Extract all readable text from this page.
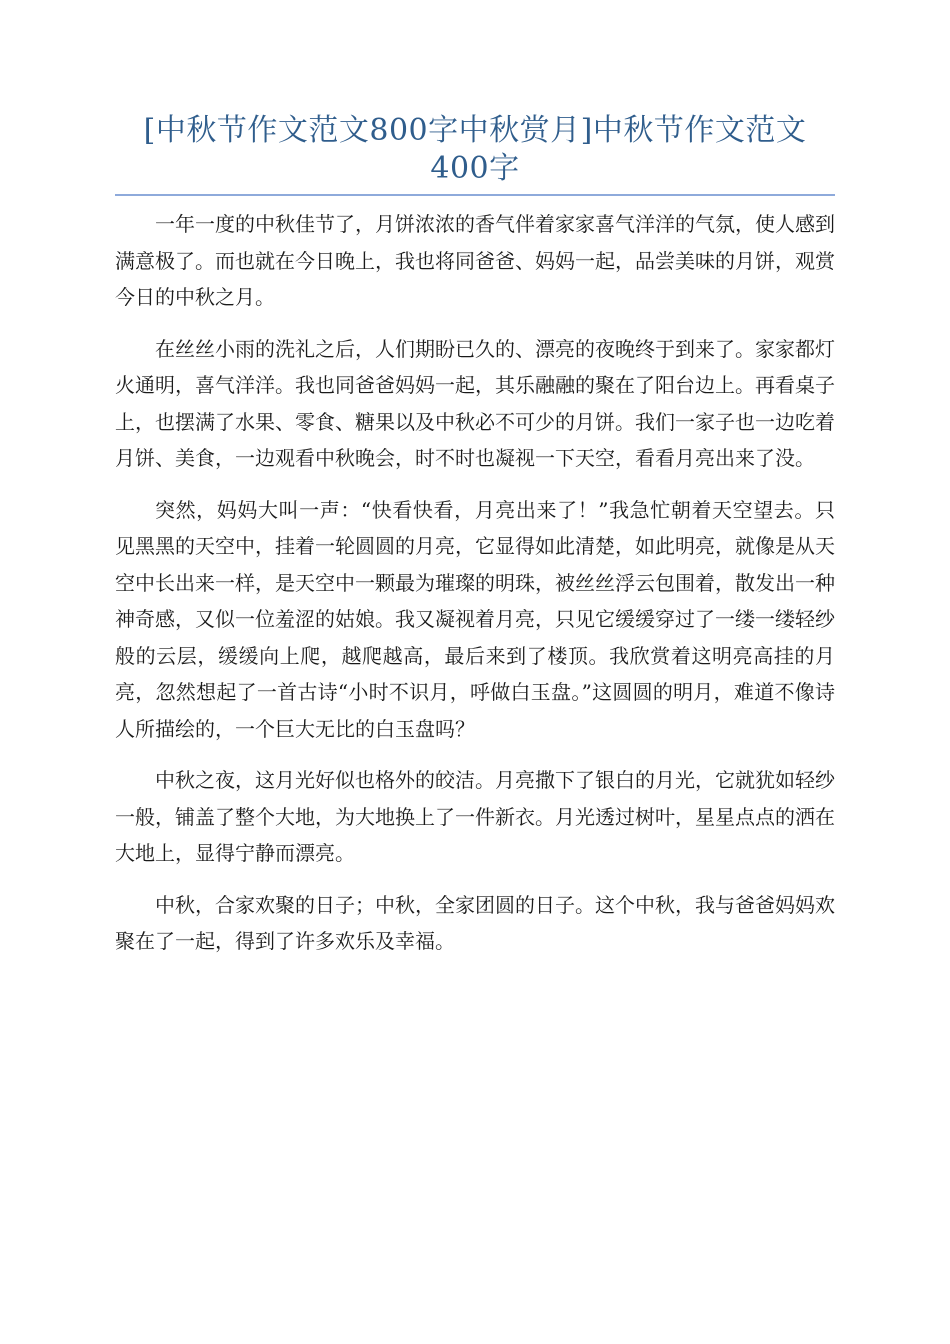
[中秋节作文范文800字中秋赏月]中秋节作文范文400字

一年一度的中秋佳节了，月饼浓浓的香气伴着家家喜气洋洋的气氛，使人感到满意极了。而也就在今日晚上，我也将同爸爸、妈妈一起，品尝美味的月饼，观赏今日的中秋之月。

在丝丝小雨的洗礼之后，人们期盼已久的、漂亮的夜晚终于到来了。家家都灯火通明，喜气洋洋。我也同爸爸妈妈一起，其乐融融的聚在了阳台边上。再看桌子上，也摆满了水果、零食、糖果以及中秋必不可少的月饼。我们一家子也一边吃着月饼、美食，一边观看中秋晚会，时不时也凝视一下天空，看看月亮出来了没。

突然，妈妈大叫一声：“快看快看，月亮出来了！”我急忙朝着天空望去。只见黑黑的天空中，挂着一轮圆圆的月亮，它显得如此清楚，如此明亮，就像是从天空中长出来一样，是天空中一颗最为璀璨的明珠，被丝丝浮云包围着，散发出一种神奇感，又似一位羞涩的姑娘。我又凝视着月亮，只见它缓缓穿过了一缕一缕轻纱般的云层，缓缓向上爬，越爬越高，最后来到了楼顶。我欣赏着这明亮高挂的月亮，忽然想起了一首古诗“小时不识月，呼做白玉盘。”这圆圆的明月，难道不像诗人所描绘的，一个巨大无比的白玉盘吗？

中秋之夜，这月光好似也格外的皎洁。月亮撒下了银白的月光，它就犹如轻纱一般，铺盖了整个大地，为大地换上了一件新衣。月光透过树叶，星星点点的洒在大地上，显得宁静而漂亮。

中秋，合家欢聚的日子；中秋，全家团圆的日子。这个中秋，我与爸爸妈妈欢聚在了一起，得到了许多欢乐及幸福。
